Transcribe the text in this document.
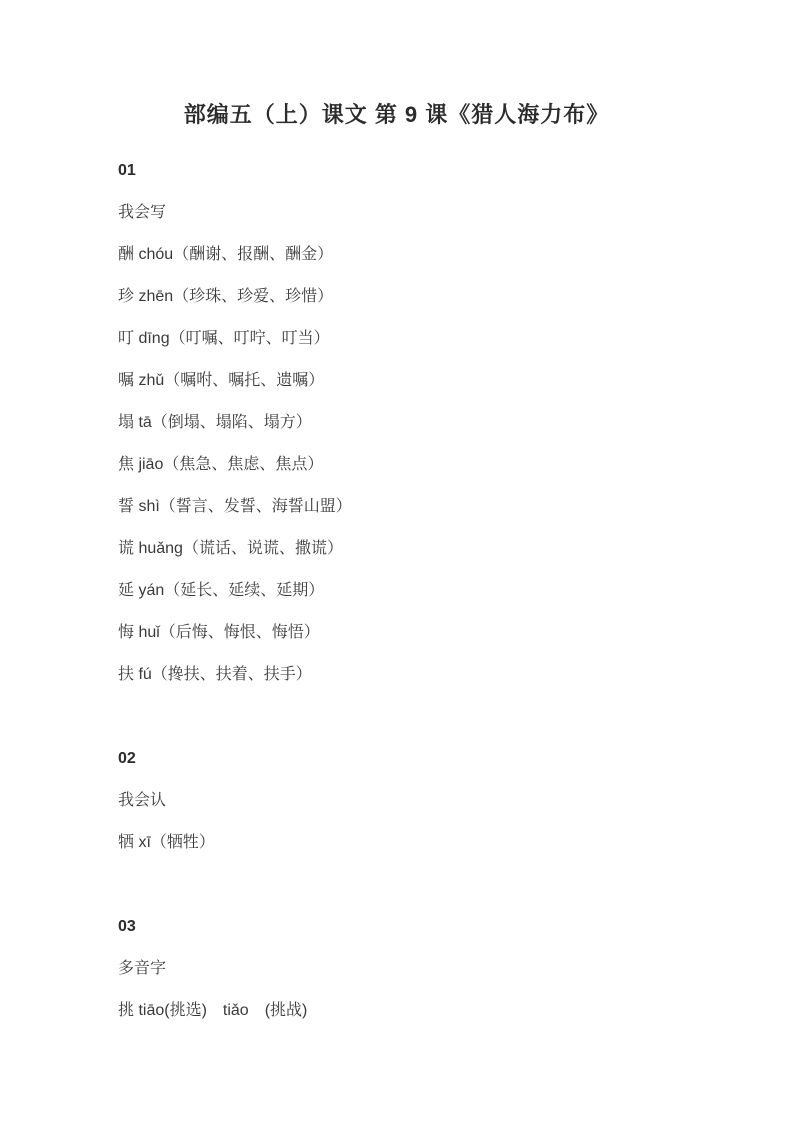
部编五（上）课文 第 9 课《猎人海力布》
01
我会写
酬 chóu（酬谢、报酬、酬金）
珍 zhēn（珍珠、珍爱、珍惜）
叮 dīng（叮嘱、叮咛、叮当）
嘱 zhǔ（嘱咐、嘱托、遗嘱）
塌 tā（倒塌、塌陷、塌方）
焦 jiāo（焦急、焦虑、焦点）
誓 shì（誓言、发誓、海誓山盟）
谎 huǎng（谎话、说谎、撒谎）
延 yán（延长、延续、延期）
悔 huǐ（后悔、悔恨、悔悟）
扶 fú（搀扶、扶着、扶手）
02
我会认
牺 xī（牺牲）
03
多音字
挑 tiāo(挑选)　tiǎo　(挑战)
